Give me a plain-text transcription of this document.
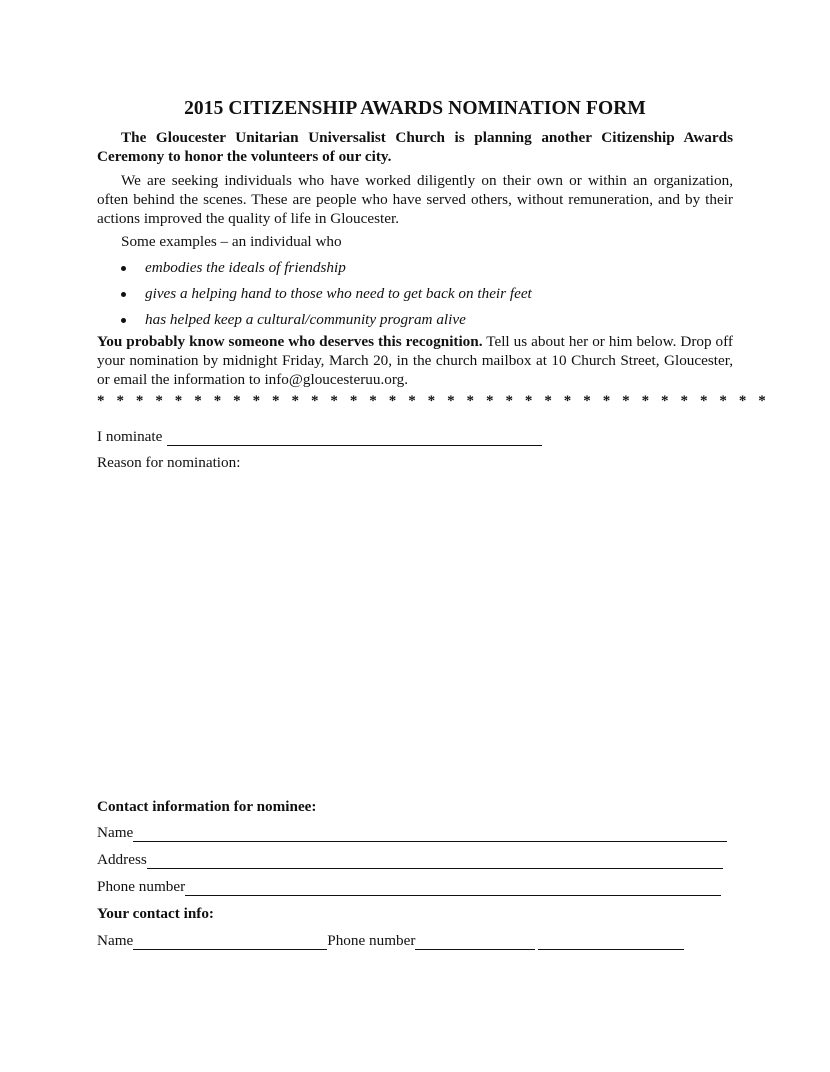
2015 CITIZENSHIP AWARDS NOMINATION FORM

The Gloucester Unitarian Universalist Church is planning another Citizenship Awards Ceremony to honor the volunteers of our city.

We are seeking individuals who have worked diligently on their own or within an organization, often behind the scenes. These are people who have served others, without remuneration, and by their actions improved the quality of life in Gloucester.

Some examples – an individual who

embodies the ideals of friendship
gives a helping hand to those who need to get back on their feet
has helped keep a cultural/community program alive

You probably know someone who deserves this recognition. Tell us about her or him below. Drop off your nomination by midnight Friday, March 20, in the church mailbox at 10 Church Street, Gloucester, or email the information to info@gloucesteruu.org.

* * * * * * * * * * * * * * * * * * * * * * * * * * * * * * * * * * *
I nominate
Reason for nomination:
Contact information for nominee:
Name
Address
Phone number
Your contact info:
Name	Phone number
